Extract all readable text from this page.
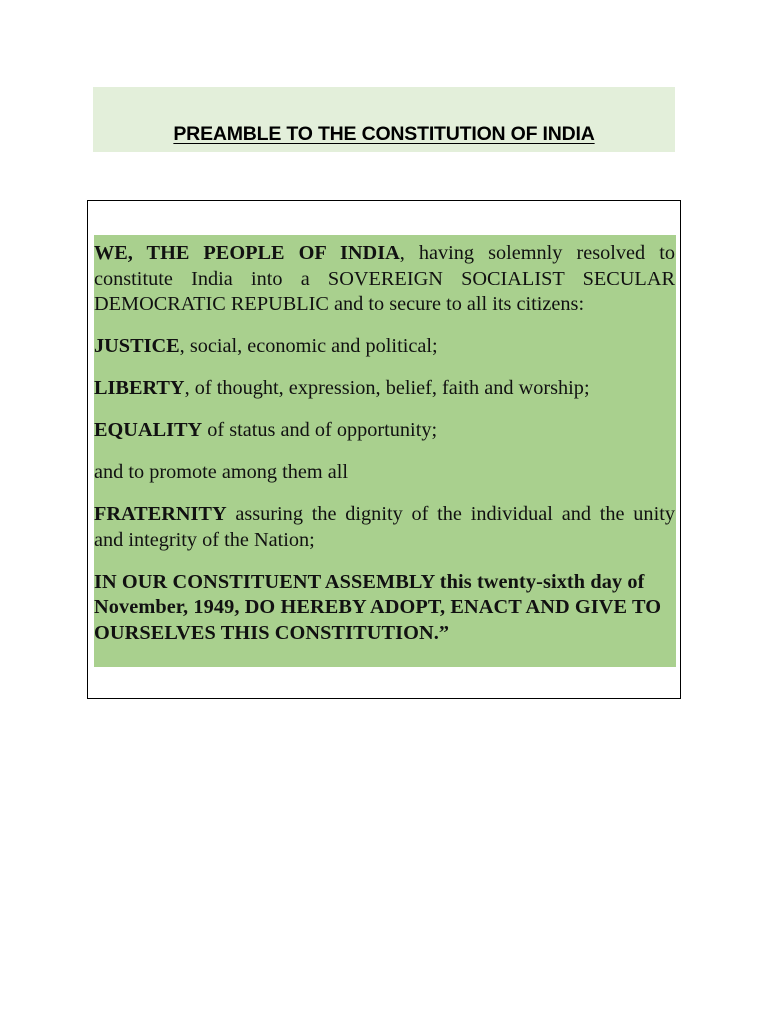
PREAMBLE TO THE CONSTITUTION OF INDIA

WE, THE PEOPLE OF INDIA, having solemnly resolved to constitute India into a SOVEREIGN SOCIALIST SECULAR DEMOCRATIC REPUBLIC and to secure to all its citizens:

JUSTICE, social, economic and political;

LIBERTY, of thought, expression, belief, faith and worship;

EQUALITY of status and of opportunity;

and to promote among them all

FRATERNITY assuring the dignity of the individual and the unity and integrity of the Nation;

IN OUR CONSTITUENT ASSEMBLY this twenty-sixth day of November, 1949, DO HEREBY ADOPT, ENACT AND GIVE TO OURSELVES THIS CONSTITUTION.”
